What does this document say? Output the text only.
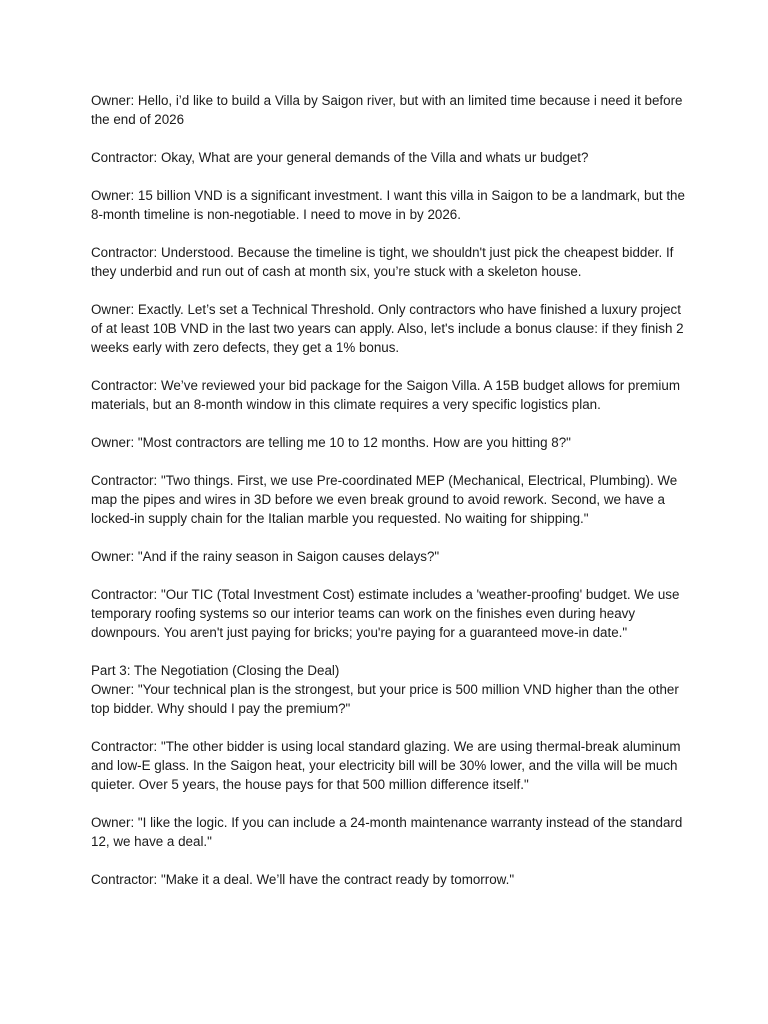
Owner: Hello, i’d like to build a Villa by Saigon river, but with an limited time because i need it before the end of 2026

Contractor: Okay, What are your general demands of the Villa and whats ur budget?

Owner: 15 billion VND is a significant investment. I want this villa in Saigon to be a landmark, but the 8-month timeline is non-negotiable. I need to move in by 2026.

Contractor: Understood. Because the timeline is tight, we shouldn't just pick the cheapest bidder. If they underbid and run out of cash at month six, you’re stuck with a skeleton house.

Owner: Exactly. Let’s set a Technical Threshold. Only contractors who have finished a luxury project of at least 10B VND in the last two years can apply. Also, let's include a bonus clause: if they finish 2 weeks early with zero defects, they get a 1% bonus.

Contractor: We’ve reviewed your bid package for the Saigon Villa. A 15B budget allows for premium materials, but an 8-month window in this climate requires a very specific logistics plan.

Owner: "Most contractors are telling me 10 to 12 months. How are you hitting 8?"

Contractor: "Two things. First, we use Pre-coordinated MEP (Mechanical, Electrical, Plumbing). We map the pipes and wires in 3D before we even break ground to avoid rework. Second, we have a locked-in supply chain for the Italian marble you requested. No waiting for shipping."

Owner: "And if the rainy season in Saigon causes delays?"

Contractor: "Our TIC (Total Investment Cost) estimate includes a 'weather-proofing' budget. We use temporary roofing systems so our interior teams can work on the finishes even during heavy downpours. You aren't just paying for bricks; you're paying for a guaranteed move-in date."

Part 3: The Negotiation (Closing the Deal)

Owner: "Your technical plan is the strongest, but your price is 500 million VND higher than the other top bidder. Why should I pay the premium?"

Contractor: "The other bidder is using local standard glazing. We are using thermal-break aluminum and low-E glass. In the Saigon heat, your electricity bill will be 30% lower, and the villa will be much quieter. Over 5 years, the house pays for that 500 million difference itself."

Owner: "I like the logic. If you can include a 24-month maintenance warranty instead of the standard 12, we have a deal."

Contractor: "Make it a deal. We’ll have the contract ready by tomorrow."
